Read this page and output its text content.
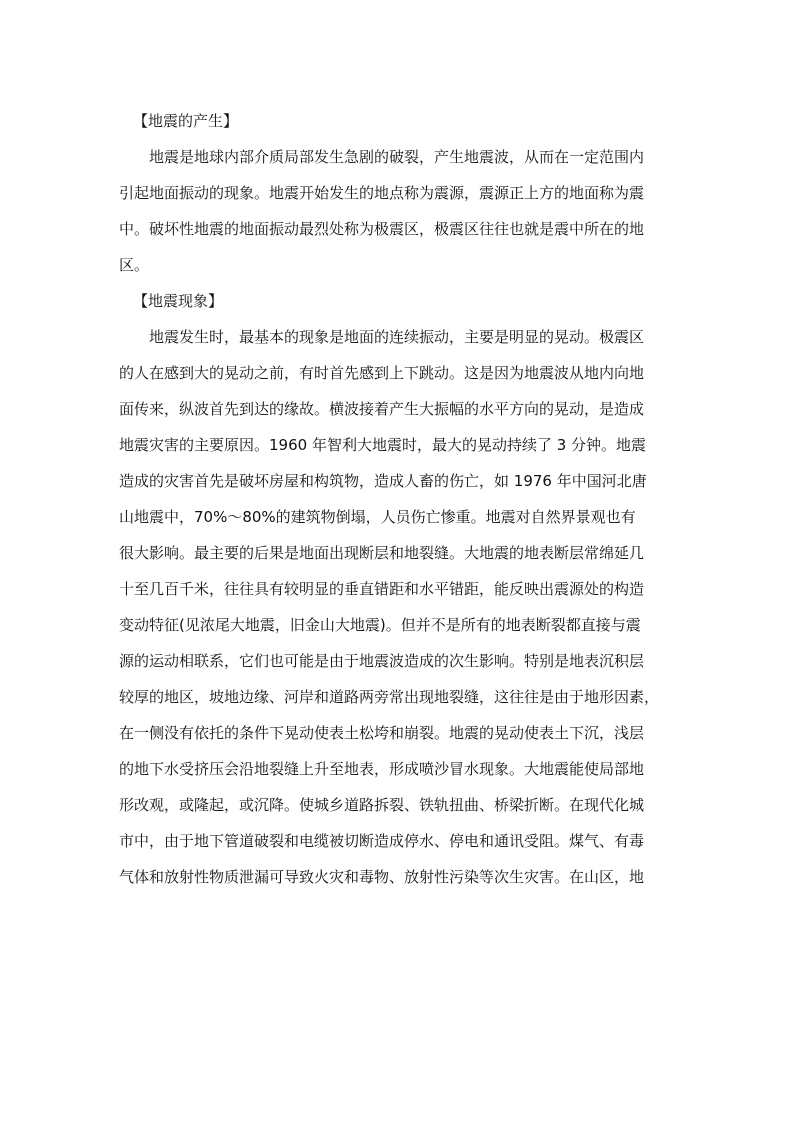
【地震的产生】
地震是地球内部介质局部发生急剧的破裂，产生地震波，从而在一定范围内
引起地面振动的现象。地震开始发生的地点称为震源，震源正上方的地面称为震
中。破坏性地震的地面振动最烈处称为极震区，极震区往往也就是震中所在的地
区。
【地震现象】
地震发生时，最基本的现象是地面的连续振动，主要是明显的晃动。极震区
的人在感到大的晃动之前，有时首先感到上下跳动。这是因为地震波从地内向地
面传来，纵波首先到达的缘故。横波接着产生大振幅的水平方向的晃动，是造成
地震灾害的主要原因。1960 年智利大地震时，最大的晃动持续了 3 分钟。地震
造成的灾害首先是破坏房屋和构筑物，造成人畜的伤亡，如 1976 年中国河北唐
山地震中，70%～80%的建筑物倒塌，人员伤亡惨重。地震对自然界景观也有
很大影响。最主要的后果是地面出现断层和地裂缝。大地震的地表断层常绵延几
十至几百千米，往往具有较明显的垂直错距和水平错距，能反映出震源处的构造
变动特征(见浓尾大地震，旧金山大地震)。但并不是所有的地表断裂都直接与震
源的运动相联系，它们也可能是由于地震波造成的次生影响。特别是地表沉积层
较厚的地区，坡地边缘、河岸和道路两旁常出现地裂缝，这往往是由于地形因素，
在一侧没有依托的条件下晃动使表土松垮和崩裂。地震的晃动使表土下沉，浅层
的地下水受挤压会沿地裂缝上升至地表，形成喷沙冒水现象。大地震能使局部地
形改观，或隆起，或沉降。使城乡道路拆裂、铁轨扭曲、桥梁折断。在现代化城
市中，由于地下管道破裂和电缆被切断造成停水、停电和通讯受阻。煤气、有毒
气体和放射性物质泄漏可导致火灾和毒物、放射性污染等次生灾害。在山区，地
